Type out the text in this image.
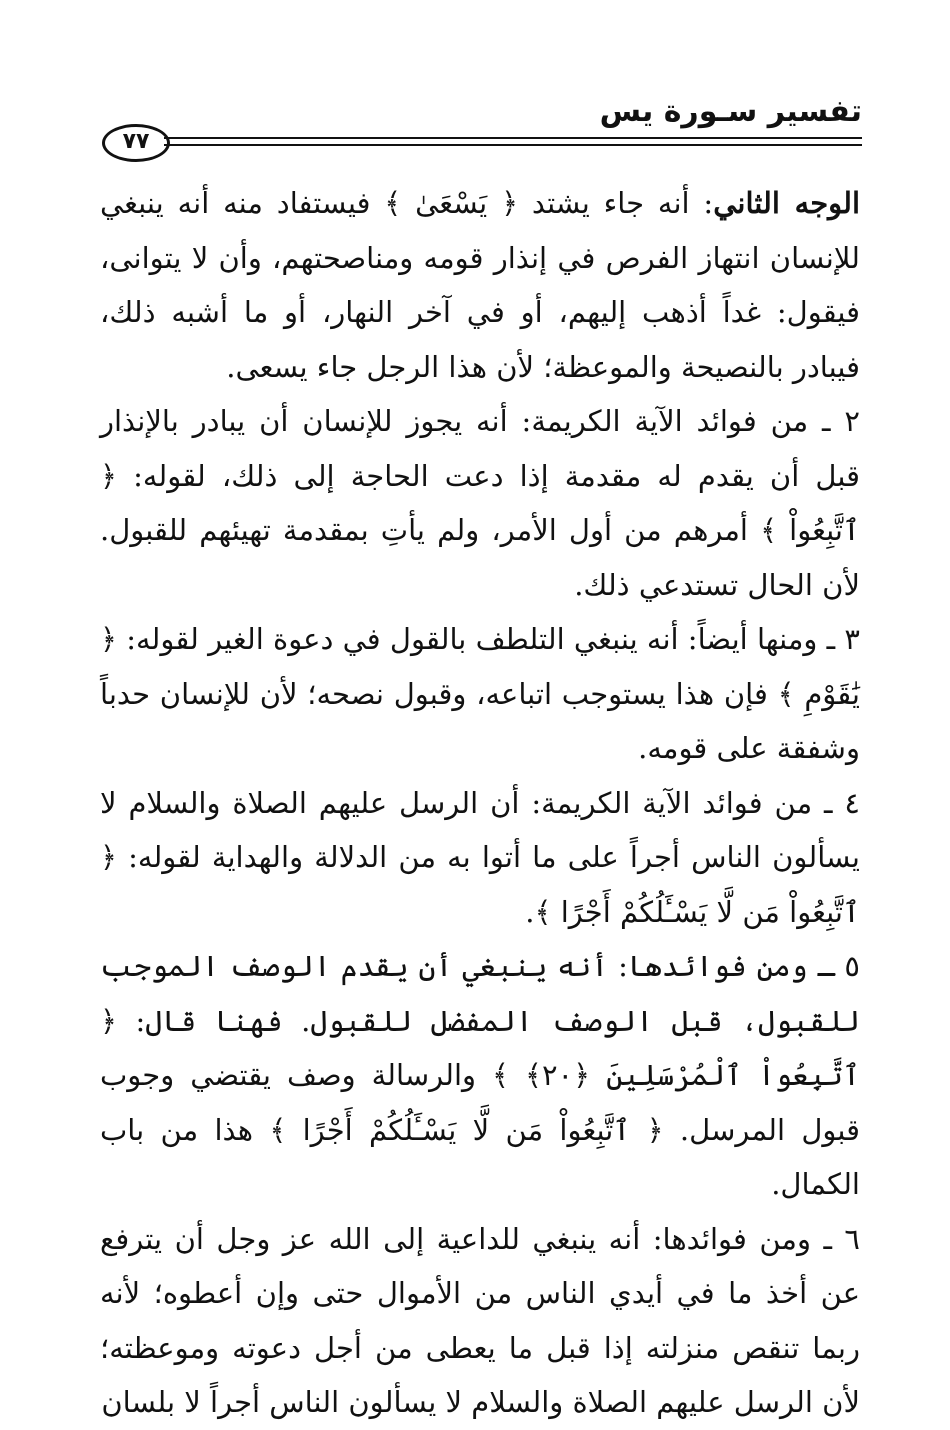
٧٧
تفسير سـورة يس

الوجه الثاني: أنه جاء يشتد ﴿ يَسْعَىٰ ﴾ فيستفاد منه أنه ينبغي للإنسان انتهاز الفرص في إنذار قومه ومناصحتهم، وأن لا يتوانى، فيقول: غداً أذهب إليهم، أو في آخر النهار، أو ما أشبه ذلك، فيبادر بالنصيحة والموعظة؛ لأن هذا الرجل جاء يسعى.

٢ ـ من فوائد الآية الكريمة: أنه يجوز للإنسان أن يبادر بالإنذار قبل أن يقدم له مقدمة إذا دعت الحاجة إلى ذلك، لقوله: ﴿ ٱتَّبِعُواْ ﴾ أمرهم من أول الأمر، ولم يأتِ بمقدمة تهيئهم للقبول. لأن الحال تستدعي ذلك.

٣ ـ ومنها أيضاً: أنه ينبغي التلطف بالقول في دعوة الغير لقوله: ﴿ يَٰقَوْمِ ﴾ فإن هذا يستوجب اتباعه، وقبول نصحه؛ لأن للإنسان حدباً وشفقة على قومه.

٤ ـ من فوائد الآية الكريمة: أن الرسل عليهم الصلاة والسلام لا يسألون الناس أجراً على ما أتوا به من الدلالة والهداية لقوله: ﴿ ٱتَّبِعُواْ مَن لَّا يَسْـَٔلُكُمْ أَجْرًا ﴾.

٥ ـ ومن فوائدها: أنه ينبغي أن يقدم الوصف الموجب للقبول، قبل الوصف المفضل للقبول. فهنا قال: ﴿ ٱتَّبِعُواْ ٱلْمُرْسَلِينَ ﴿٢٠﴾ ﴾ والرسالة وصف يقتضي وجوب قبول المرسل. ﴿ ٱتَّبِعُواْ مَن لَّا يَسْـَٔلُكُمْ أَجْرًا ﴾ هذا من باب الكمال.

٦ ـ ومن فوائدها: أنه ينبغي للداعية إلى الله عز وجل أن يترفع عن أخذ ما في أيدي الناس من الأموال حتى وإن أعطوه؛ لأنه ربما تنقص منزلته إذا قبل ما يعطى من أجل دعوته وموعظته؛ لأن الرسل عليهم الصلاة والسلام لا يسألون الناس أجراً لا بلسان
